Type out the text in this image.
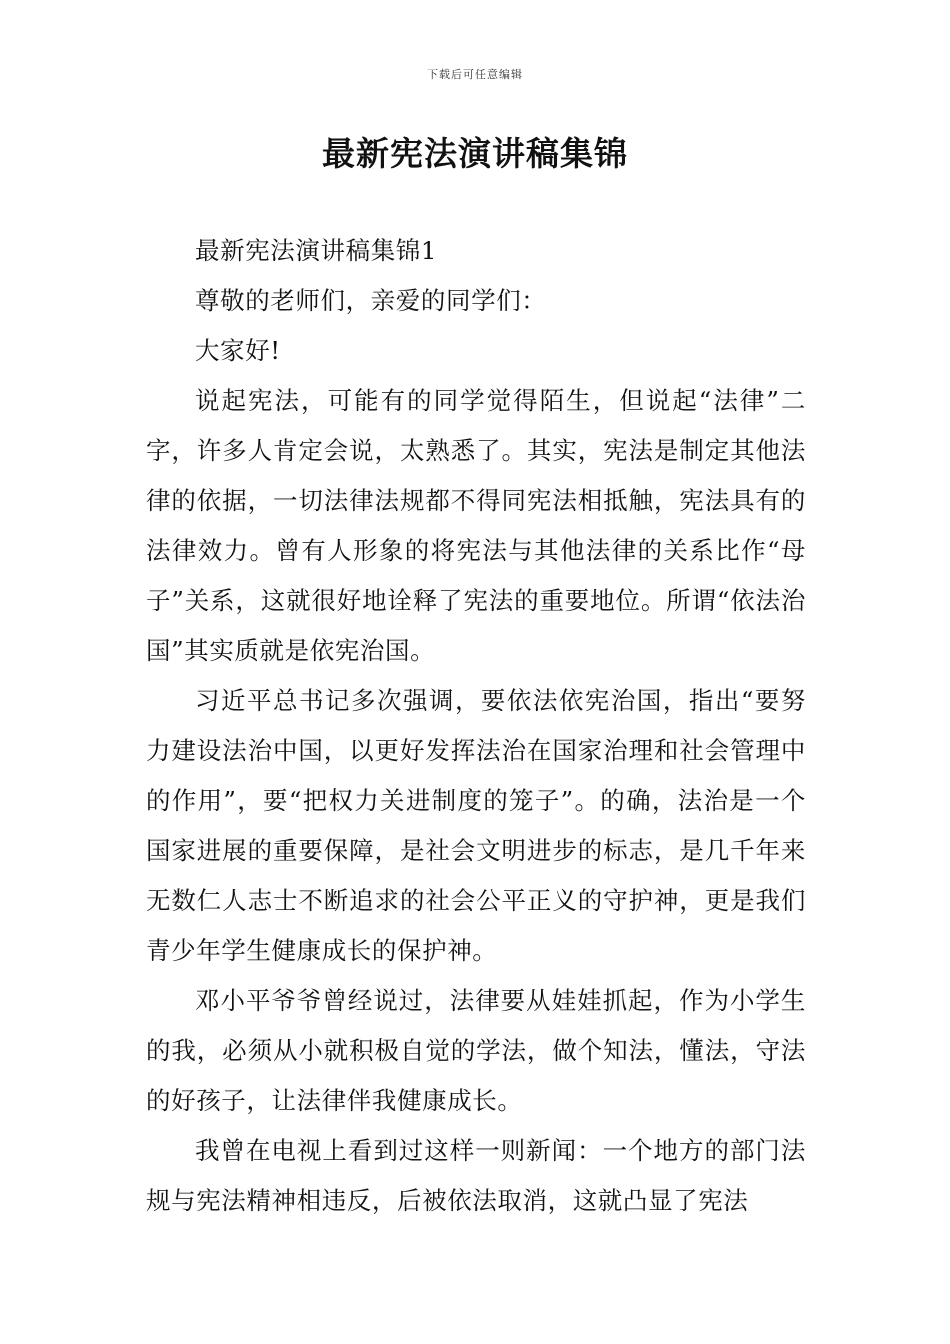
下载后可任意编辑
最新宪法演讲稿集锦

最新宪法演讲稿集锦1

尊敬的老师们，亲爱的同学们：

大家好!

说起宪法，可能有的同学觉得陌生，但说起“法律”二字，许多人肯定会说，太熟悉了。其实，宪法是制定其他法律的依据，一切法律法规都不得同宪法相抵触，宪法具有的法律效力。曾有人形象的将宪法与其他法律的关系比作“母子”关系，这就很好地诠释了宪法的重要地位。所谓“依法治国”其实质就是依宪治国。

习近平总书记多次强调，要依法依宪治国，指出“要努力建设法治中国，以更好发挥法治在国家治理和社会管理中的作用”，要“把权力关进制度的笼子”。的确，法治是一个国家进展的重要保障，是社会文明进步的标志，是几千年来无数仁人志士不断追求的社会公平正义的守护神，更是我们青少年学生健康成长的保护神。

邓小平爷爷曾经说过，法律要从娃娃抓起，作为小学生的我，必须从小就积极自觉的学法，做个知法，懂法，守法的好孩子，让法律伴我健康成长。

我曾在电视上看到过这样一则新闻：一个地方的部门法规与宪法精神相违反，后被依法取消，这就凸显了宪法
